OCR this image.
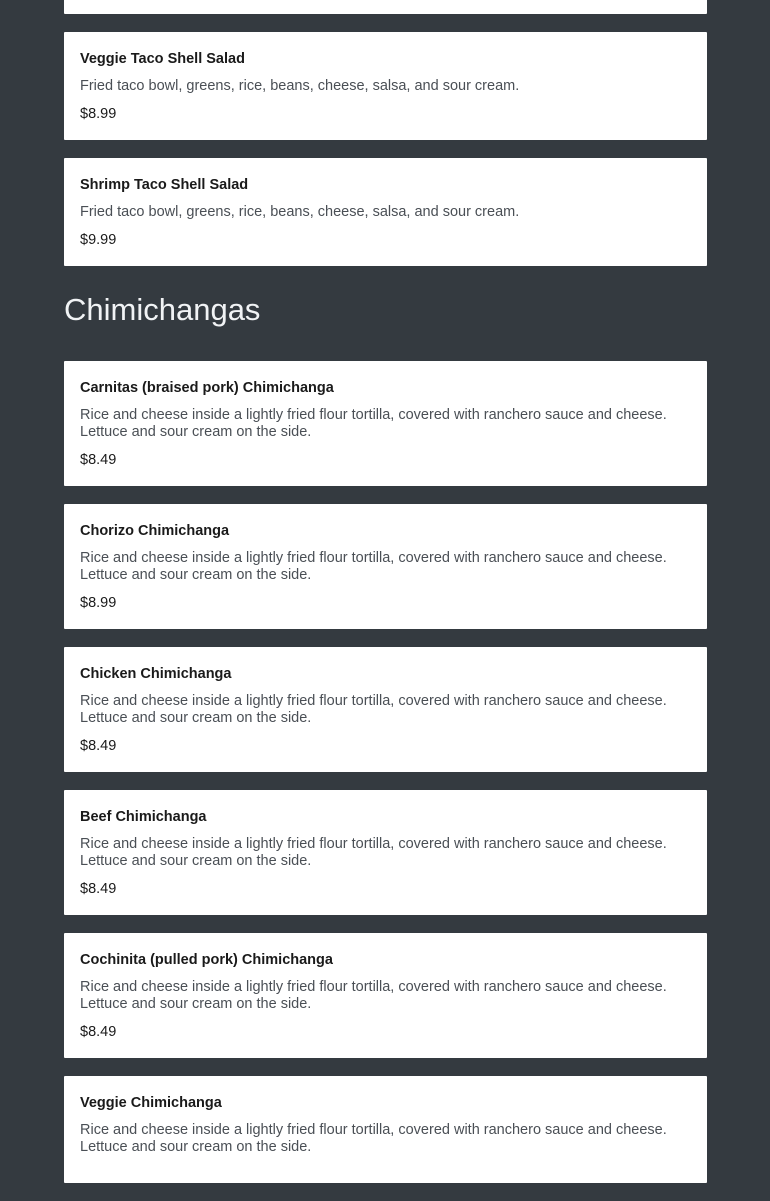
Veggie Taco Shell Salad
Fried taco bowl, greens, rice, beans, cheese, salsa, and sour cream.
$8.99
Shrimp Taco Shell Salad
Fried taco bowl, greens, rice, beans, cheese, salsa, and sour cream.
$9.99
Chimichangas
Carnitas (braised pork) Chimichanga
Rice and cheese inside a lightly fried flour tortilla, covered with ranchero sauce and cheese. Lettuce and sour cream on the side.
$8.49
Chorizo Chimichanga
Rice and cheese inside a lightly fried flour tortilla, covered with ranchero sauce and cheese. Lettuce and sour cream on the side.
$8.99
Chicken Chimichanga
Rice and cheese inside a lightly fried flour tortilla, covered with ranchero sauce and cheese. Lettuce and sour cream on the side.
$8.49
Beef Chimichanga
Rice and cheese inside a lightly fried flour tortilla, covered with ranchero sauce and cheese. Lettuce and sour cream on the side.
$8.49
Cochinita (pulled pork) Chimichanga
Rice and cheese inside a lightly fried flour tortilla, covered with ranchero sauce and cheese. Lettuce and sour cream on the side.
$8.49
Veggie Chimichanga
Rice and cheese inside a lightly fried flour tortilla, covered with ranchero sauce and cheese. Lettuce and sour cream on the side.
